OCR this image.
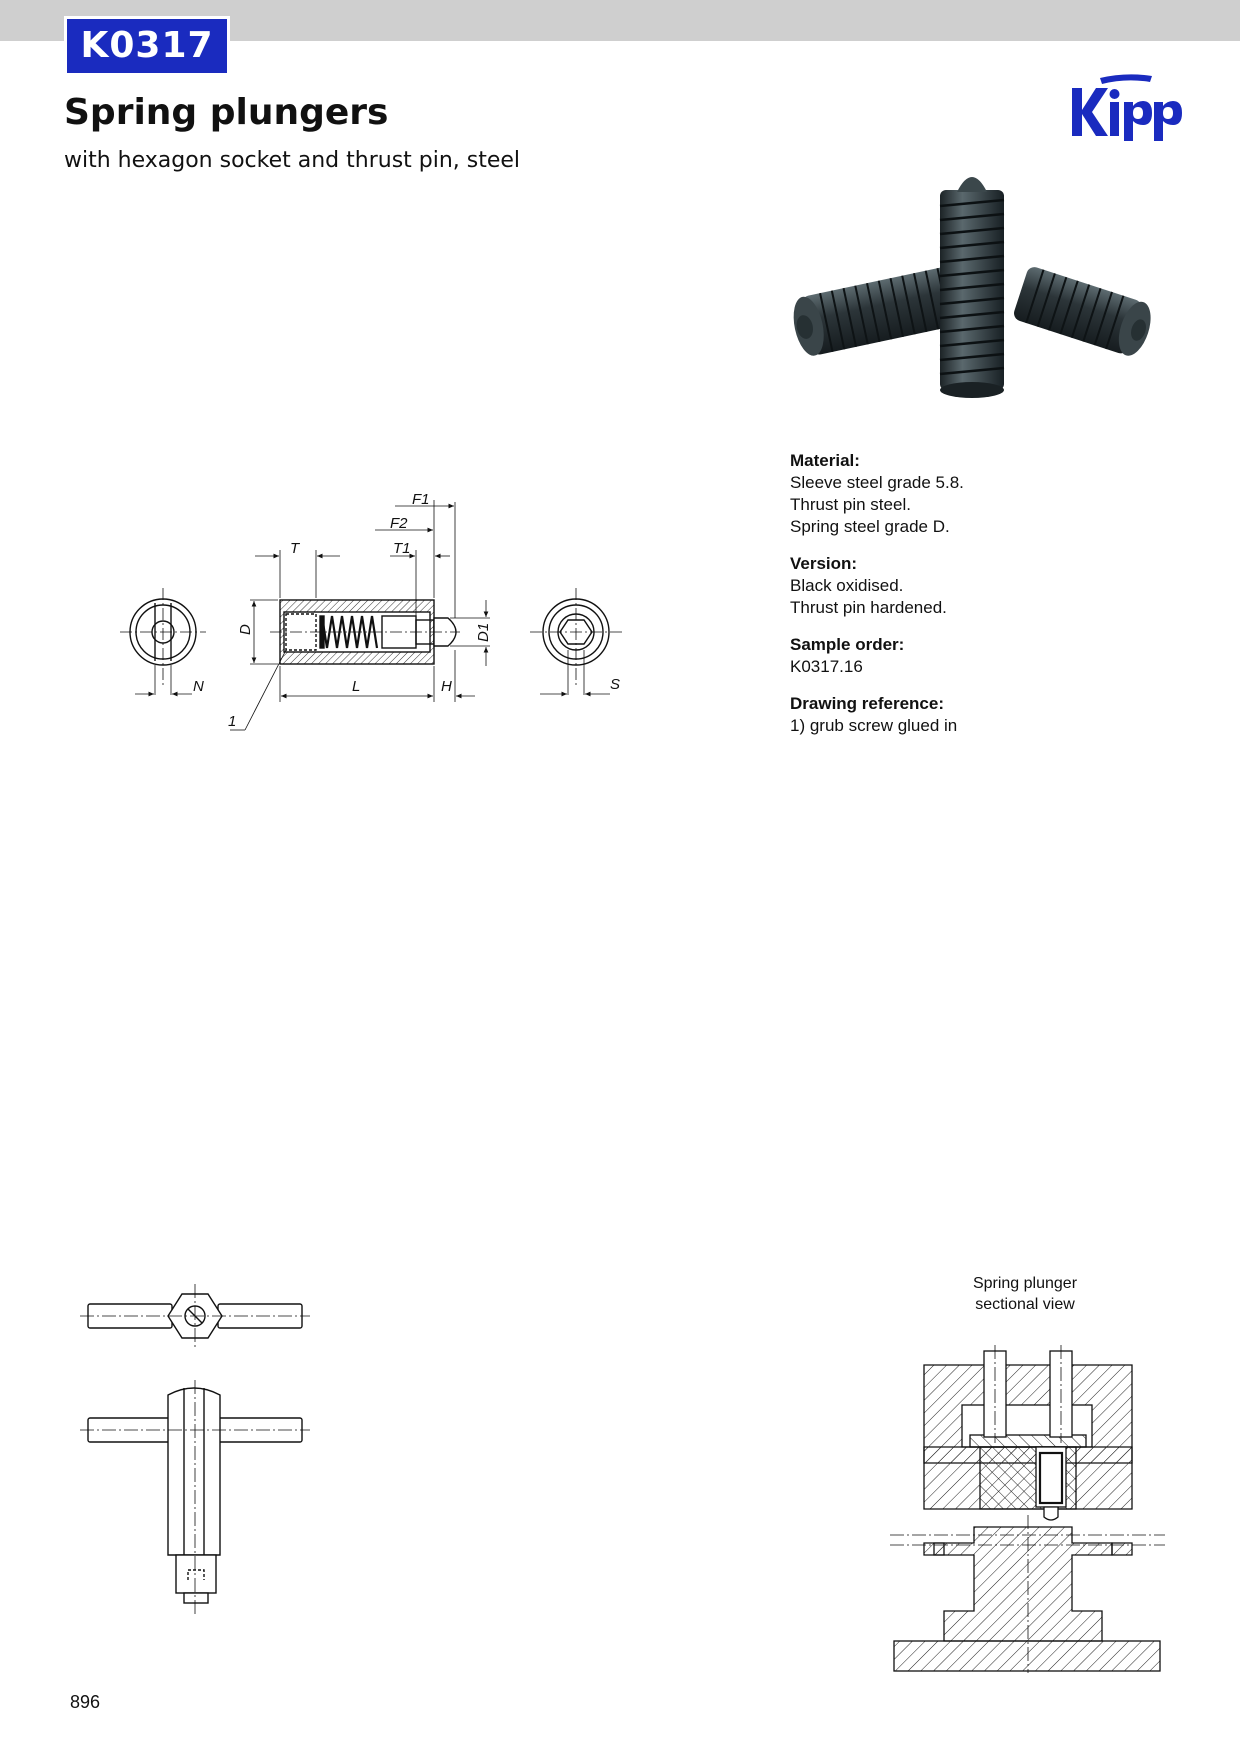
K0317
Spring plungers

with hexagon socket and thrust pin, steel

Material:
Sleeve steel grade 5.8.
Thrust pin steel.
Spring steel grade D.
Version:
Black oxidised.
Thrust pin hardened.
Sample order:
K0317.16
Drawing reference:
1) grub screw glued in
F1
F2
T1
T
D	D1
N	L	H	S
1
Spring plunger
sectional view
896
